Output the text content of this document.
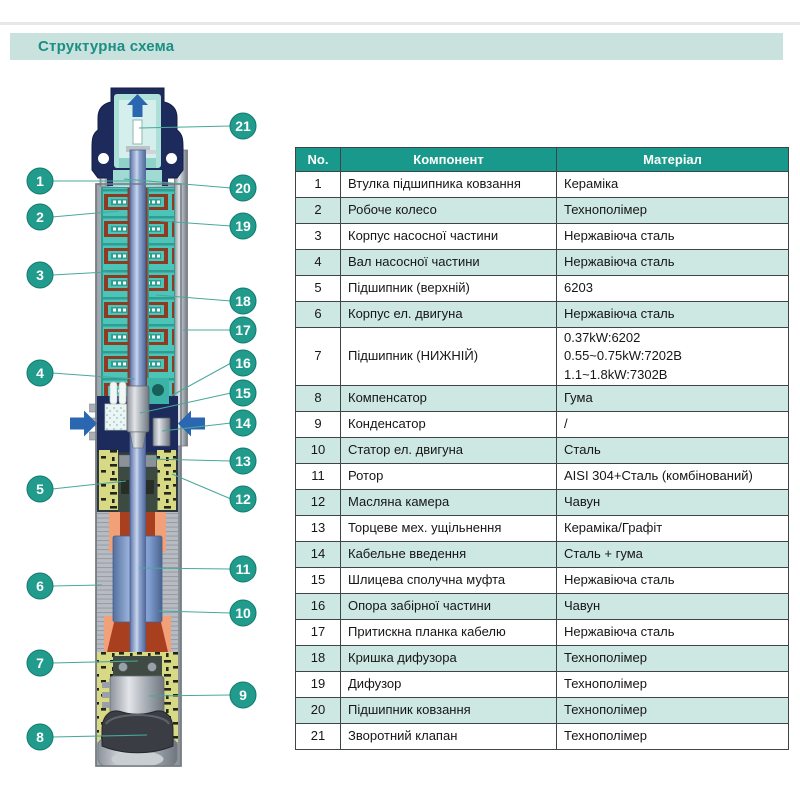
Структурна схема
1
2
3
4
5
6
7
8
9
10
11
12
13
14
15
16
17
18
19
20
21
No.	Компонент	Матеріал
1	Втулка підшипника ковзання	Кераміка
2	Робоче колесо	Технополімер
3	Корпус насосної частини	Нержавіюча сталь
4	Вал насосної частини	Нержавіюча сталь
5	Підшипник (верхній)	6203
6	Корпус ел. двигуна	Нержавіюча сталь
7	Підшипник (НИЖНІЙ)	0.37kW:6202
0.55~0.75kW:7202B
1.1~1.8kW:7302B

8	Компенсатор	Гума
9	Конденсатор	/
10	Статор ел. двигуна	Сталь
11	Ротор	AISI 304+Сталь (комбінований)
12	Масляна камера	Чавун
13	Торцеве мех. ущільнення	Кераміка/Графіт
14	Кабельне введення	Сталь + гума
15	Шлицева сполучна муфта	Нержавіюча сталь
16	Опора забірної частини	Чавун
17	Притискна планка кабелю	Нержавіюча сталь
18	Кришка дифузора	Технополімер
19	Дифузор	Технополімер
20	Підшипник ковзання	Технополімер
21	Зворотний клапан	Технополімер
